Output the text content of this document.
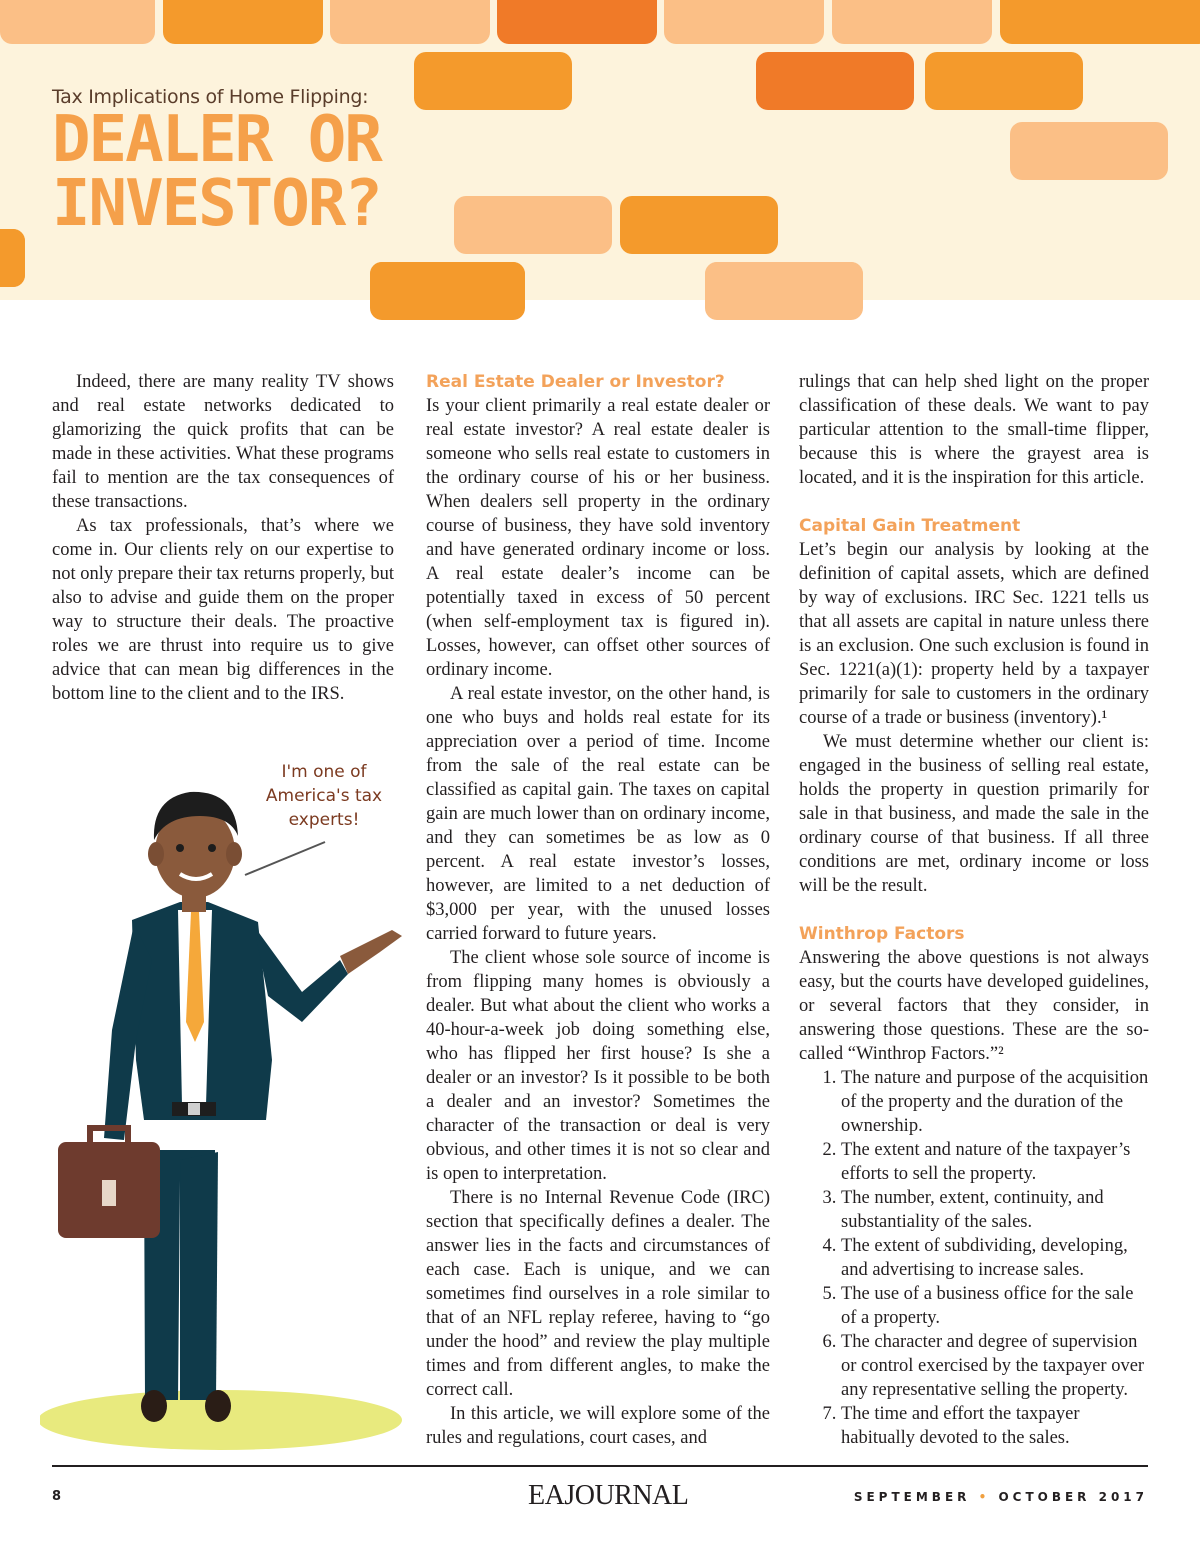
Tax Implications of Home Flipping:
DEALER OR
INVESTOR?

Indeed, there are many reality TV shows and real estate networks dedicated to glamorizing the quick profits that can be made in these activities. What these programs fail to mention are the tax consequences of these transactions.

As tax professionals, that’s where we come in. Our clients rely on our expertise to not only prepare their tax returns properly, but also to advise and guide them on the proper way to structure their deals. The proactive roles we are thrust into require us to give advice that can mean big differences in the bottom line to the client and to the IRS.

I'm one of America's tax experts!
Real Estate Dealer or Investor?

Is your client primarily a real estate dealer or real estate investor? A real estate dealer is someone who sells real estate to customers in the ordinary course of his or her business. When dealers sell property in the ordinary course of business, they have sold inventory and have generated ordinary income or loss. A real estate dealer’s income can be potentially taxed in excess of 50 percent (when self-employment tax is figured in). Losses, however, can offset other sources of ordinary income.

A real estate investor, on the other hand, is one who buys and holds real estate for its appreciation over a period of time. Income from the sale of the real estate can be classified as capital gain. The taxes on capital gain are much lower than on ordinary income, and they can sometimes be as low as 0 percent. A real estate investor’s losses, however, are limited to a net deduction of $3,000 per year, with the unused losses carried forward to future years.

The client whose sole source of income is from flipping many homes is obviously a dealer. But what about the client who works a 40-hour-a-week job doing something else, who has flipped her first house? Is she a dealer or an investor? Is it possible to be both a dealer and an investor? Sometimes the character of the transaction or deal is very obvious, and other times it is not so clear and is open to interpretation.

There is no Internal Revenue Code (IRC) section that specifically defines a dealer. The answer lies in the facts and circumstances of each case. Each is unique, and we can sometimes find ourselves in a role similar to that of an NFL replay referee, having to “go under the hood” and review the play multiple times and from different angles, to make the correct call.

In this article, we will explore some of the rules and regulations, court cases, and

rulings that can help shed light on the proper classification of these deals. We want to pay particular attention to the small-time flipper, because this is where the grayest area is located, and it is the inspiration for this article.

Capital Gain Treatment

Let’s begin our analysis by looking at the definition of capital assets, which are defined by way of exclusions. IRC Sec. 1221 tells us that all assets are capital in nature unless there is an exclusion. One such exclusion is found in Sec. 1221(a)(1): property held by a taxpayer primarily for sale to customers in the ordinary course of a trade or business (inventory).¹

We must determine whether our client is: engaged in the business of selling real estate, holds the property in question primarily for sale in that business, and made the sale in the ordinary course of that business. If all three conditions are met, ordinary income or loss will be the result.

Winthrop Factors

Answering the above questions is not always easy, but the courts have developed guidelines, or several factors that they consider, in answering those questions. These are the so-called “Winthrop Factors.”²

1. The nature and purpose of the acquisition of the property and the duration of the ownership.
2. The extent and nature of the taxpayer’s efforts to sell the property.
3. The number, extent, continuity, and substantiality of the sales.
4. The extent of subdividing, developing, and advertising to increase sales.
5. The use of a business office for the sale of a property.
6. The character and degree of supervision or control exercised by the taxpayer over any representative selling the property.
7. The time and effort the taxpayer habitually devoted to the sales.
8	EAJOURNAL	SEPTEMBER • OCTOBER 2017
